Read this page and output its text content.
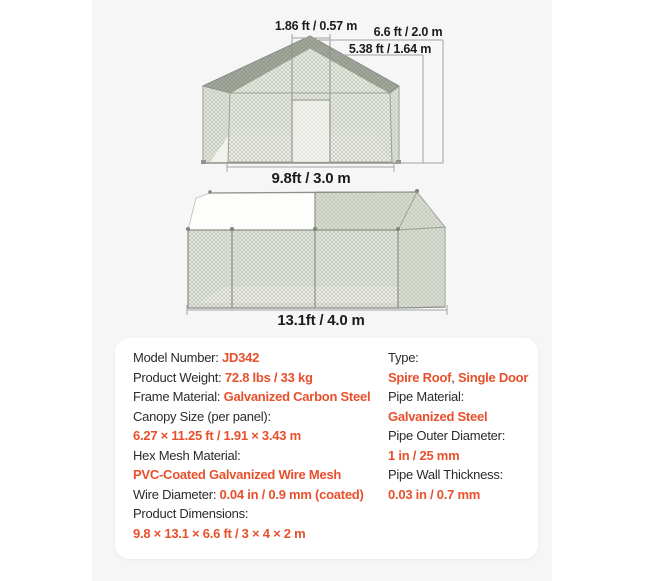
1.86 ft / 0.57 m	6.6 ft / 2.0 m
5.38 ft / 1.64 m
9.8ft / 3.0 m
13.1ft / 4.0 m
Model Number: JD342
Product Weight: 72.8 lbs / 33 kg
Frame Material: Galvanized Carbon Steel
Canopy Size (per panel):
6.27 × 11.25 ft / 1.91 × 3.43 m
Hex Mesh Material:
PVC-Coated Galvanized Wire Mesh
Wire Diameter: 0.04 in / 0.9 mm (coated)
Product Dimensions:
9.8 × 13.1 × 6.6 ft / 3 × 4 × 2 m
Type:
Spire Roof, Single Door
Pipe Material:
Galvanized Steel
Pipe Outer Diameter:
1 in / 25 mm
Pipe Wall Thickness:
0.03 in / 0.7 mm
